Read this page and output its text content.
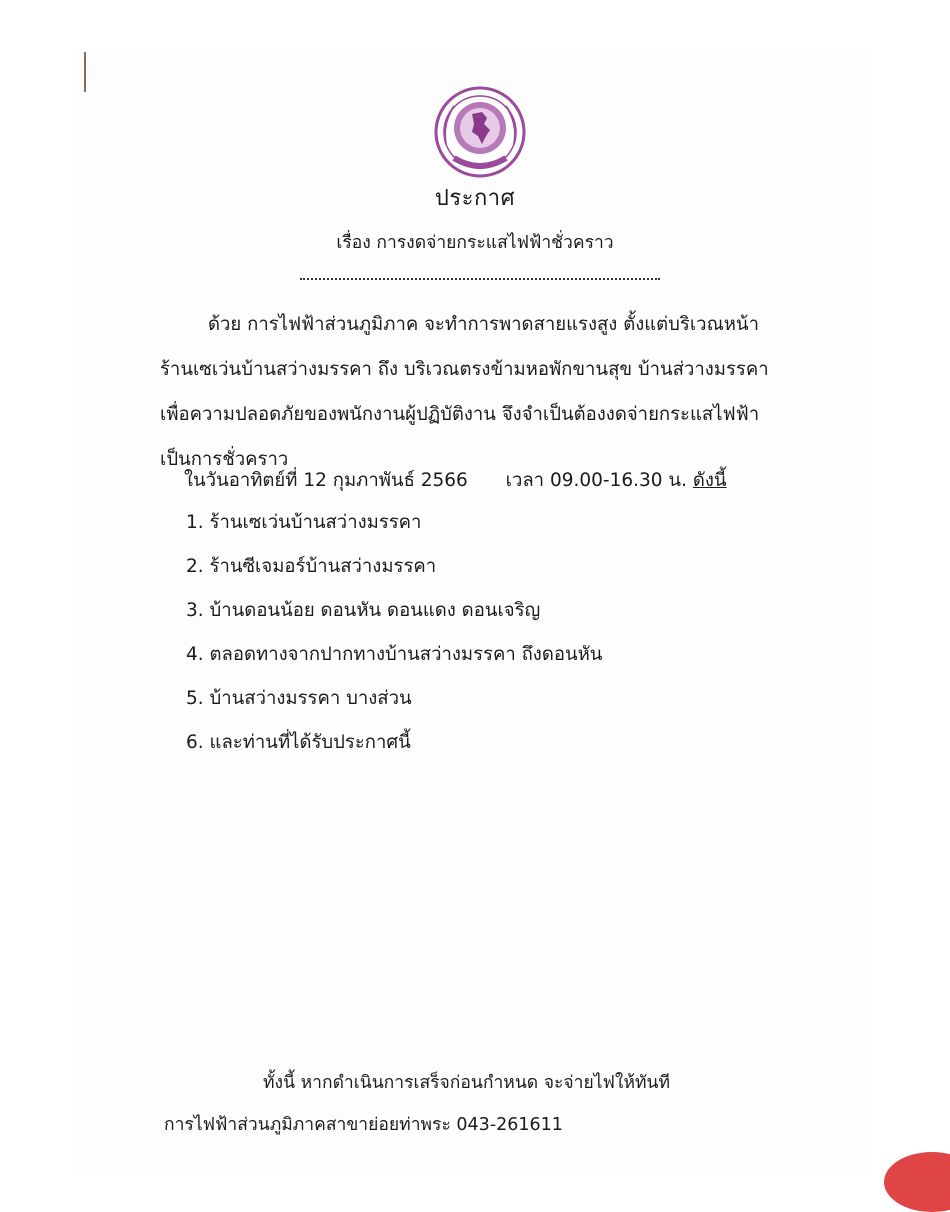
ประกาศ
เรื่อง การงดจ่ายกระแสไฟฟ้าชั่วคราว

ด้วย การไฟฟ้าส่วนภูมิภาค จะทำการพาดสายแรงสูง ตั้งแต่บริเวณหน้า

ร้านเซเว่นบ้านสว่างมรรคา ถึง บริเวณตรงข้ามหอพักขานสุข บ้านส่วางมรรคา

เพื่อความปลอดภัยของพนักงานผู้ปฏิบัติงาน จึงจำเป็นต้องงดจ่ายกระแสไฟฟ้า

เป็นการชั่วคราว

ในวันอาทิตย์ที่ 12 กุมภาพันธ์ 2566 เวลา 09.00-16.30 น. ดังนี้
1. ร้านเซเว่นบ้านสว่างมรรคา
2. ร้านซีเจมอร์บ้านสว่างมรรคา
3. บ้านดอนน้อย ดอนหัน ดอนแดง ดอนเจริญ
4. ตลอดทางจากปากทางบ้านสว่างมรรคา ถึงดอนหัน
5. บ้านสว่างมรรคา บางส่วน
6. และท่านที่ได้รับประกาศนี้
ทั้งนี้ หากดำเนินการเสร็จก่อนกำหนด จะจ่ายไฟให้ทันที
การไฟฟ้าส่วนภูมิภาคสาขาย่อยท่าพระ 043-261611
